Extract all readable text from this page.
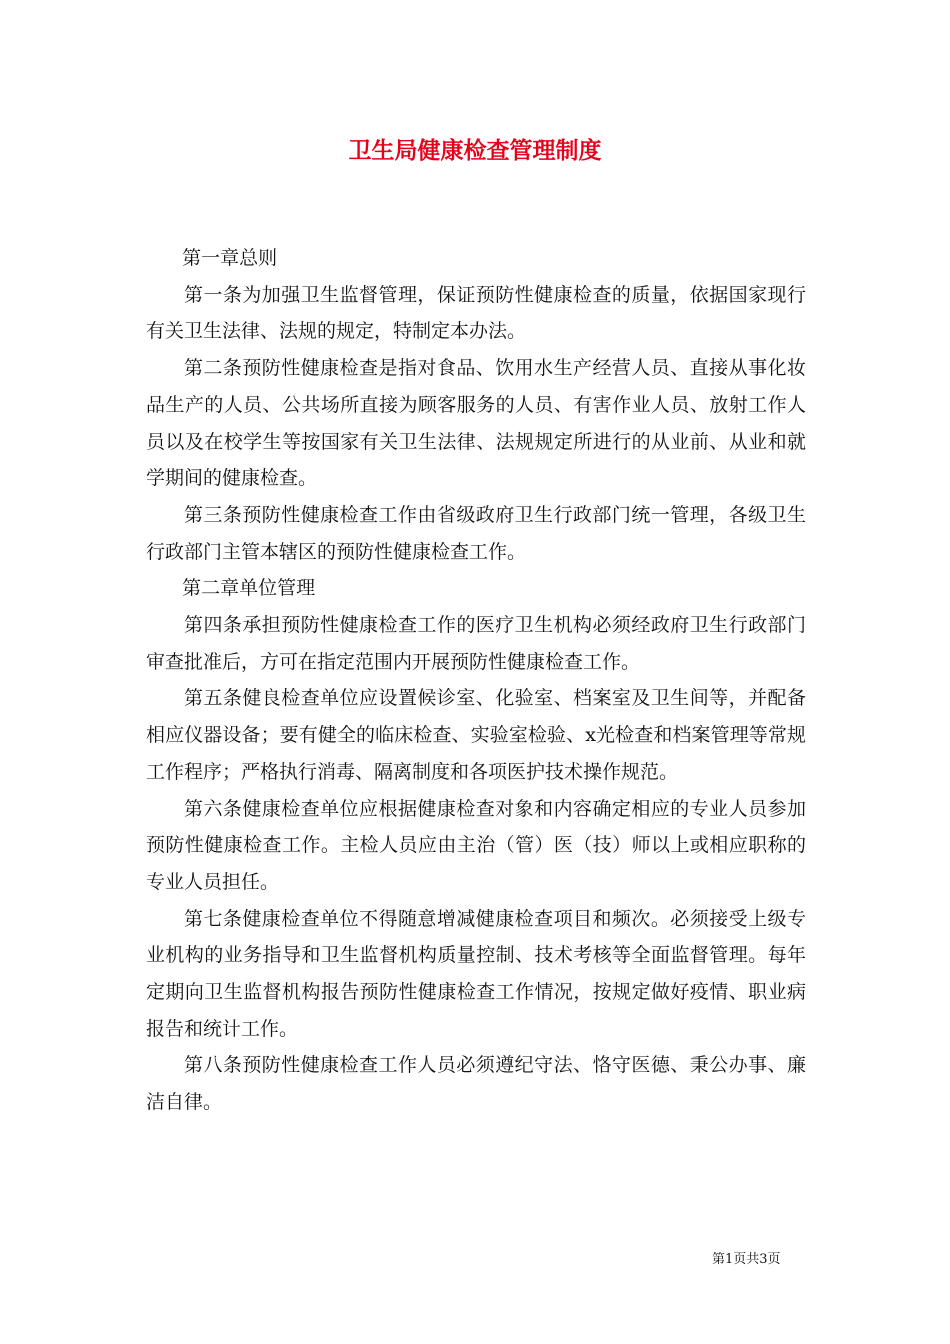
卫生局健康检查管理制度

第一章总则

第一条为加强卫生监督管理，保证预防性健康检查的质量，依据国家现行有关卫生法律、法规的规定，特制定本办法。

第二条预防性健康检查是指对食品、饮用水生产经营人员、直接从事化妆品生产的人员、公共场所直接为顾客服务的人员、有害作业人员、放射工作人员以及在校学生等按国家有关卫生法律、法规规定所进行的从业前、从业和就学期间的健康检查。

第三条预防性健康检查工作由省级政府卫生行政部门统一管理，各级卫生行政部门主管本辖区的预防性健康检查工作。

第二章单位管理

第四条承担预防性健康检查工作的医疗卫生机构必须经政府卫生行政部门审查批准后，方可在指定范围内开展预防性健康检查工作。

第五条健良检查单位应设置候诊室、化验室、档案室及卫生间等，并配备相应仪器设备；要有健全的临床检查、实验室检验、x光检查和档案管理等常规工作程序；严格执行消毒、隔离制度和各项医护技术操作规范。

第六条健康检查单位应根据健康检查对象和内容确定相应的专业人员参加预防性健康检查工作。主检人员应由主治（管）医（技）师以上或相应职称的专业人员担任。

第七条健康检查单位不得随意增减健康检查项目和频次。必须接受上级专业机构的业务指导和卫生监督机构质量控制、技术考核等全面监督管理。每年定期向卫生监督机构报告预防性健康检查工作情况，按规定做好疫情、职业病报告和统计工作。

第八条预防性健康检查工作人员必须遵纪守法、恪守医德、秉公办事、廉洁自律。

第1页共3页
